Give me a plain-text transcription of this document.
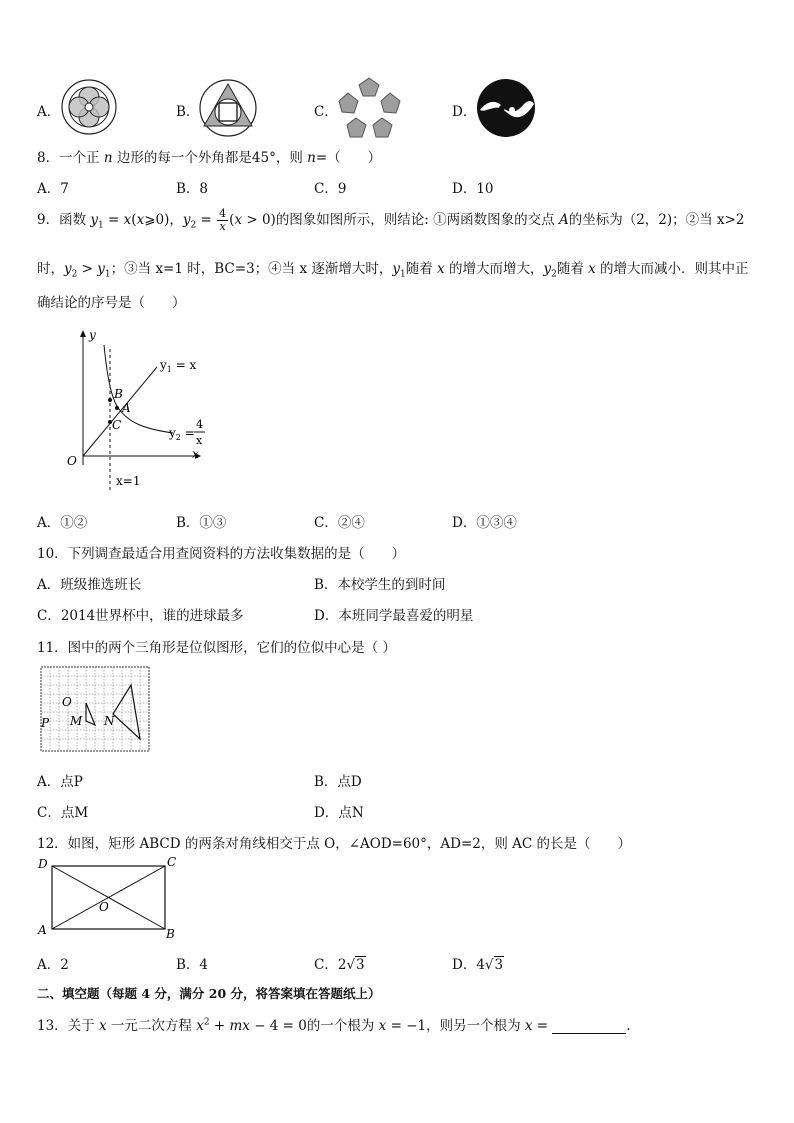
A．	B．	C．	D．
8．一个正 n 边形的每一个外角都是45°，则 n=（　　）
A．7	B．8	C．9	D．10
9．函数 $y_1$ = x(x⩾0)，$y_2 = \frac{4}{x} (x > 0)$的图象如图所示，则结论: ①两函数图象的交点 A的坐标为（2，2)；②当 x>2
时，$y_2 > y_1$；③当 x=1 时，BC=3；④当 x 逐渐增大时，$y_1$随着 x 的增大而增大，$y_2$随着 x 的增大而减小．则其中正
确结论的序号是（　　）
y
x
O
B
A
C
$y_1 = x$
$y_2$ =
4
x
x=1
A．①②	B．①③	C．②④	D．①③④
10．下列调查最适合用查阅资料的方法收集数据的是（　　）
A．班级推选班长	B．本校学生的到时间
C．2014世界杯中，谁的进球最多	D．本班同学最喜爱的明星
11．图中的两个三角形是位似图形，它们的位似中心是（ ）
O
P M N
A．点P	B．点D
C．点M	D．点N
12．如图，矩形 ABCD 的两条对角线相交于点 O，∠AOD=60°，AD=2，则 AC 的长是（　　）
D	C
A	B
O
A．2	B．4	C．2√3	D．4√3
二、填空题（每题 4 分，满分 20 分，将答案填在答题纸上）
13．关于 x 一元二次方程 $x^2$ + mx − 4 = 0的一个根为 x = −1，则另一个根为 x =	．
